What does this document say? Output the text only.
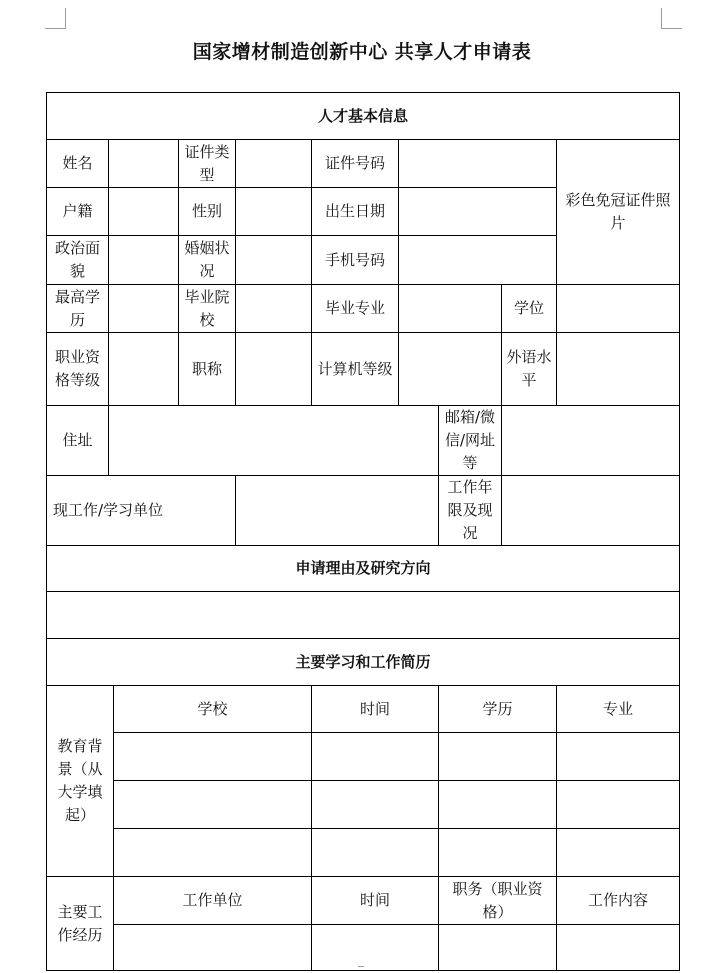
国家增材制造创新中心 共享人才申请表
人才基本信息									
姓名			证件类型		证件号码				彩色免冠证件照片
户籍			性别		出生日期				
政治面貌			婚姻状况		手机号码				
最高学历			毕业院校		毕业专业			学位	
职业资格等级			职称		计算机等级			外语水平	
住址							邮箱/微信/网址等		
现工作/学习单位							工作年限及现况		
申请理由及研究方向									

主要学习和工作简历									
教育背景（从大学填起）		学校			时间		学历		专业

主要工作经历		工作单位			时间		职务（职业资格）		工作内容
